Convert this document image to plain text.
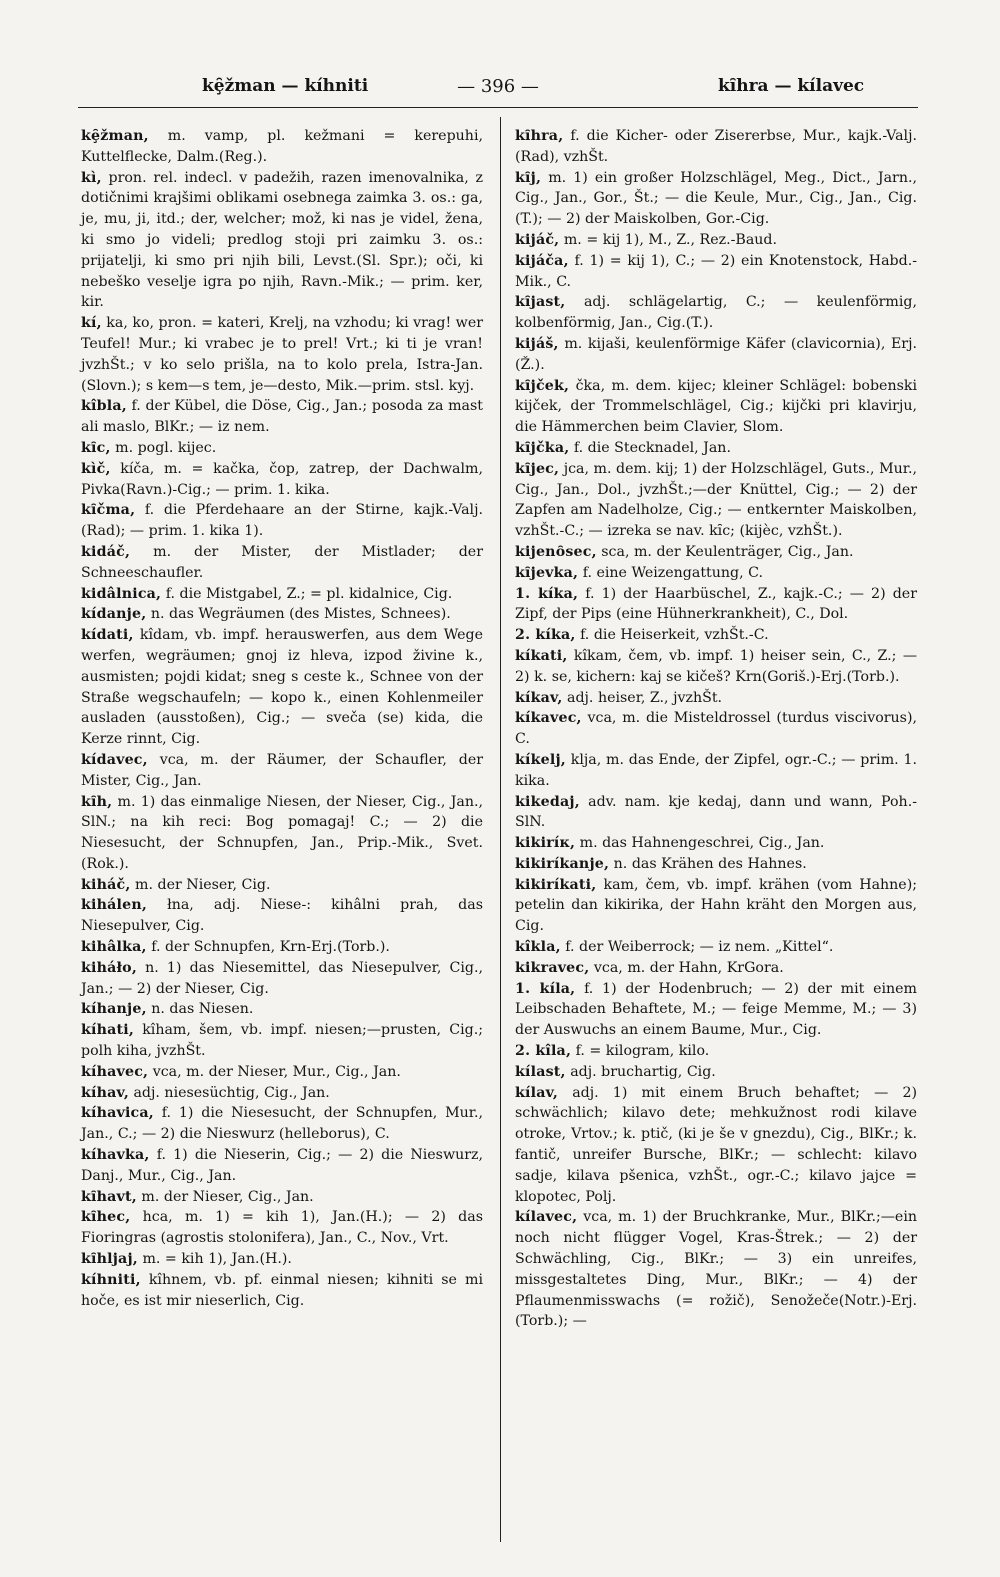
kȩ̑žman — kíhniti	— 396 —	kȋhra — kílavec

kȩ̑žman, m. vamp, pl. kežmani = kerepuhi, Kuttelflecke, Dalm.(Reg.).

kì, pron. rel. indecl. v padežih, razen imenovalnika, z dotičnimi krajšimi oblikami osebnega zaimka 3. os.: ga, je, mu, ji, itd.; der, welcher; mož, ki nas je videl, žena, ki smo jo videli; predlog stoji pri zaimku 3. os.: prijatelji, ki smo pri njih bili, Levst.(Sl. Spr.); oči, ki nebeško veselje igra po njih, Ravn.-Mik.; — prim. ker, kir.

kí, ka, ko, pron. = kateri, Krelj, na vzhodu; ki vrag! wer Teufel! Mur.; ki vrabec je to prel! Vrt.; ki ti je vran! jvzhŠt.; v ko selo prišla, na to kolo prela, Istra-Jan.(Slovn.); s kem—s tem, je—desto, Mik.—prim. stsl. kyj.

kîbla, f. der Kübel, die Döse, Cig., Jan.; posoda za mast ali maslo, BlKr.; — iz nem.

kȋc, m. pogl. kijec.

kìč, kíča, m. = kačka, čop, zatrep, der Dachwalm, Pivka(Ravn.)-Cig.; — prim. 1. kika.

kȋčma, f. die Pferdehaare an der Stirne, kajk.-Valj.(Rad); — prim. 1. kika 1).

kidáč, m. der Mister, der Mistlader; der Schneeschaufler.

kidâlnica, f. die Mistgabel, Z.; = pl. kidalnice, Cig.

kídanje, n. das Wegräumen (des Mistes, Schnees).

kídati, kîdam, vb. impf. herauswerfen, aus dem Wege werfen, wegräumen; gnoj iz hleva, izpod živine k., ausmisten; pojdi kidat; sneg s ceste k., Schnee von der Straße wegschaufeln; — kopo k., einen Kohlenmeiler ausladen (ausstoßen), Cig.; — sveča (se) kida, die Kerze rinnt, Cig.

kídavec, vca, m. der Räumer, der Schaufler, der Mister, Cig., Jan.

kȋh, m. 1) das einmalige Niesen, der Nieser, Cig., Jan., SlN.; na kih reci: Bog pomagaj! C.; — 2) die Niesesucht, der Schnupfen, Jan., Prip.-Mik., Svet.(Rok.).

kiháč, m. der Nieser, Cig.

kihálen, łna, adj. Niese-: kihâlni prah, das Niesepulver, Cig.

kihâlka, f. der Schnupfen, Krn-Erj.(Torb.).

kiháło, n. 1) das Niesemittel, das Niesepulver, Cig., Jan.; — 2) der Nieser, Cig.

kíhanje, n. das Niesen.

kíhati, kîham, šem, vb. impf. niesen;—prusten, Cig.; polh kiha, jvzhŠt.

kíhavec, vca, m. der Nieser, Mur., Cig., Jan.

kíhav, adj. niesesüchtig, Cig., Jan.

kíhavica, f. 1) die Niesesucht, der Schnupfen, Mur., Jan., C.; — 2) die Nieswurz (helleborus), C.

kíhavka, f. 1) die Nieserin, Cig.; — 2) die Nieswurz, Danj., Mur., Cig., Jan.

kȋhavt, m. der Nieser, Cig., Jan.

kȋhec, hca, m. 1) = kih 1), Jan.(H.); — 2) das Fioringras (agrostis stolonifera), Jan., C., Nov., Vrt.

kȋhljaj, m. = kih 1), Jan.(H.).

kíhniti, kîhnem, vb. pf. einmal niesen; kihniti se mi hoče, es ist mir nieserlich, Cig.

kȋhra, f. die Kicher- oder Zisererbse, Mur., kajk.-Valj.(Rad), vzhŠt.

kȋj, m. 1) ein großer Holzschlägel, Meg., Dict., Jarn., Cig., Jan., Gor., Št.; — die Keule, Mur., Cig., Jan., Cig.(T.); — 2) der Maiskolben, Gor.-Cig.

kijáč, m. = kij 1), M., Z., Rez.-Baud.

kijáča, f. 1) = kij 1), C.; — 2) ein Knotenstock, Habd.-Mik., C.

kȋjast, adj. schlägelartig, C.; — keulenförmig, kolbenförmig, Jan., Cig.(T.).

kijáš, m. kijaši, keulenförmige Käfer (clavicornia), Erj.(Ž.).

kȋjček, čka, m. dem. kijec; kleiner Schlägel: bobenski kijček, der Trommelschlägel, Cig.; kijčki pri klavirju, die Hämmerchen beim Clavier, Slom.

kȋjčka, f. die Stecknadel, Jan.

kȋjec, jca, m. dem. kij; 1) der Holzschlägel, Guts., Mur., Cig., Jan., Dol., jvzhŠt.;—der Knüttel, Cig.; — 2) der Zapfen am Nadelholze, Cig.; — entkernter Maiskolben, vzhŠt.-C.; — izreka se nav. kȋc; (kijèc, vzhŠt.).

kijenȏsec, sca, m. der Keulenträger, Cig., Jan.

kȋjevka, f. eine Weizengattung, C.

1. kíka, f. 1) der Haarbüschel, Z., kajk.-C.; — 2) der Zipf, der Pips (eine Hühnerkrankheit), C., Dol.

2. kíka, f. die Heiserkeit, vzhŠt.-C.

kíkati, kîkam, čem, vb. impf. 1) heiser sein, C., Z.; — 2) k. se, kichern: kaj se kičeš? Krn(Goriš.)-Erj.(Torb.).

kíkav, adj. heiser, Z., jvzhŠt.

kíkavec, vca, m. die Misteldrossel (turdus viscivorus), C.

kíkelj, klja, m. das Ende, der Zipfel, ogr.-C.; — prim. 1. kika.

kikedaj, adv. nam. kje kedaj, dann und wann, Poh.-SlN.

kikiríк, m. das Hahnengeschrei, Cig., Jan.

kikiríkanje, n. das Krähen des Hahnes.

kikiríkati, kam, čem, vb. impf. krähen (vom Hahne); petelin dan kikirika, der Hahn kräht den Morgen aus, Cig.

kîkla, f. der Weiberrock; — iz nem. „Kittel“.

kikravec, vca, m. der Hahn, KrGora.

1. kíla, f. 1) der Hodenbruch; — 2) der mit einem Leibschaden Behaftete, M.; — feige Memme, M.; — 3) der Auswuchs an einem Baume, Mur., Cig.

2. kîla, f. = kilogram, kilo.

kílast, adj. bruchartig, Cig.

kílav, adj. 1) mit einem Bruch behaftet; — 2) schwächlich; kilavo dete; mehkužnost rodi kilave otroke, Vrtov.; k. ptič, (ki je še v gnezdu), Cig., BlKr.; k. fantič, unreifer Bursche, BlKr.; — schlecht: kilavo sadje, kilava pšenica, vzhŠt., ogr.-C.; kilavo jajce = klopotec, Polj.

kílavec, vca, m. 1) der Bruchkranke, Mur., BlKr.;—ein noch nicht flügger Vogel, Kras-Štrek.; — 2) der Schwächling, Cig., BlKr.; — 3) ein unreifes, missgestaltetes Ding, Mur., BlKr.; — 4) der Pflaumenmisswachs (= rožič), Senožeče(Notr.)-Erj.(Torb.); —
